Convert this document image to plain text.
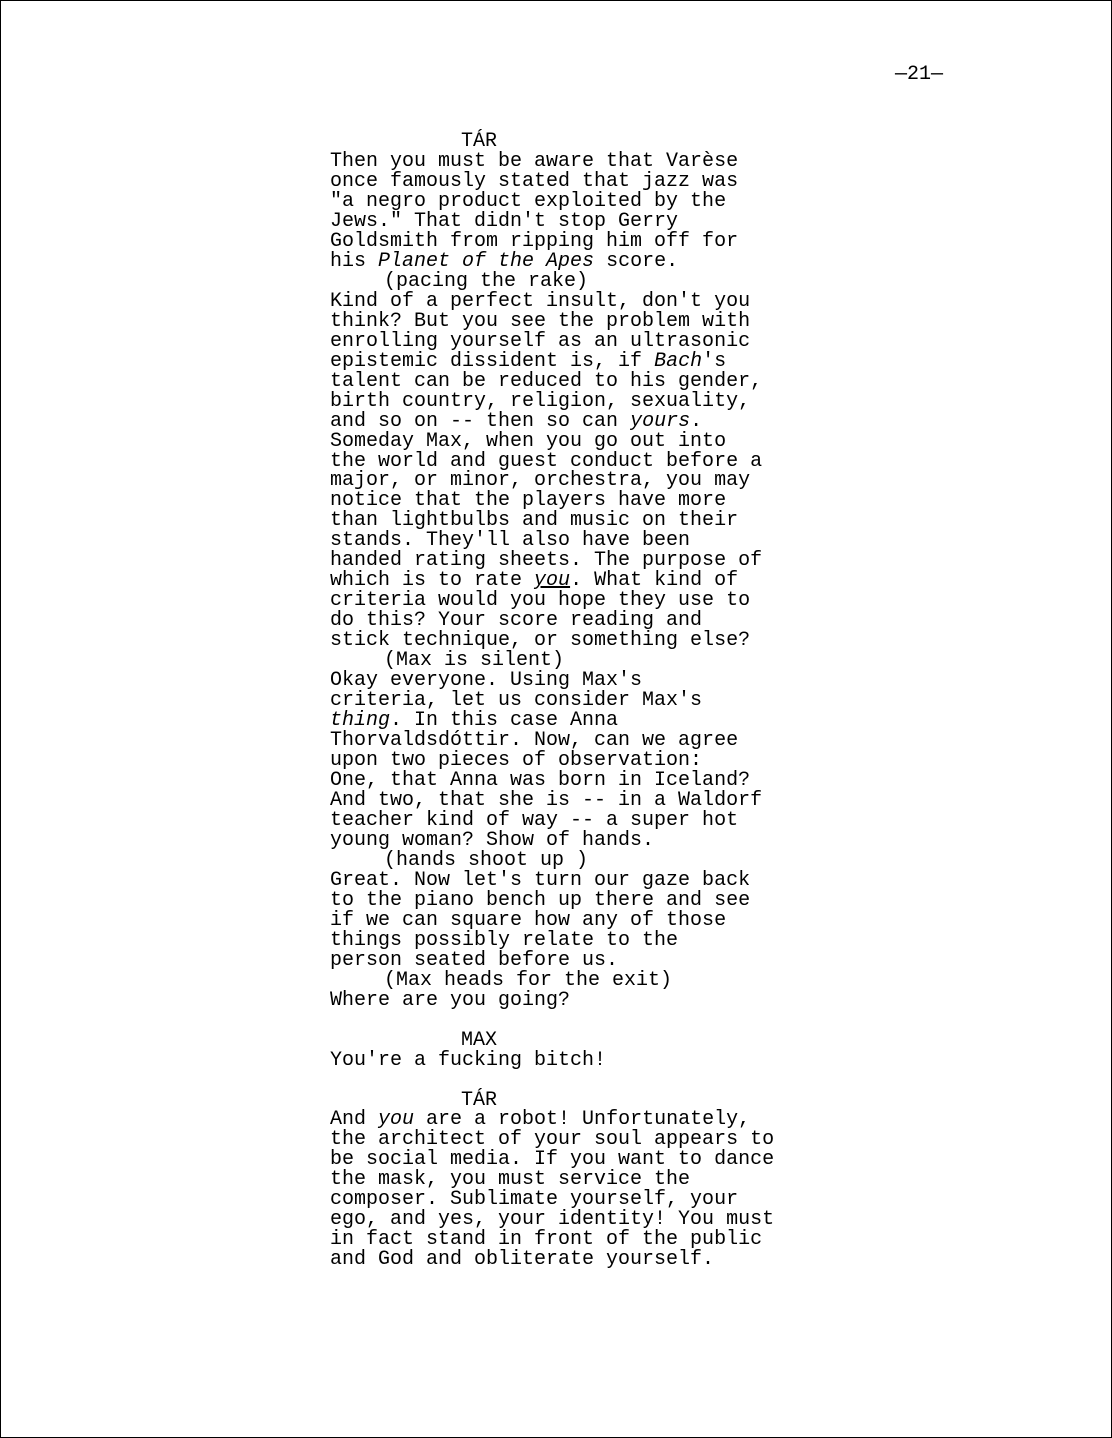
—21—
TÁR
Then you must be aware that Varèse
once famously stated that jazz was
"a negro product exploited by the
Jews." That didn't stop Gerry
Goldsmith from ripping him off for
his Planet of the Apes score.
(pacing the rake)
Kind of a perfect insult, don't you
think? But you see the problem with
enrolling yourself as an ultrasonic
epistemic dissident is, if Bach's
talent can be reduced to his gender,
birth country, religion, sexuality,
and so on -- then so can yours.
Someday Max, when you go out into
the world and guest conduct before a
major, or minor, orchestra, you may
notice that the players have more
than lightbulbs and music on their
stands. They'll also have been
handed rating sheets. The purpose of
which is to rate you. What kind of
criteria would you hope they use to
do this? Your score reading and
stick technique, or something else?
(Max is silent)
Okay everyone. Using Max's
criteria, let us consider Max's
thing. In this case Anna
Thorvaldsdóttir. Now, can we agree
upon two pieces of observation:
One, that Anna was born in Iceland?
And two, that she is -- in a Waldorf
teacher kind of way -- a super hot
young woman? Show of hands.
(hands shoot up )
Great. Now let's turn our gaze back
to the piano bench up there and see
if we can square how any of those
things possibly relate to the
person seated before us.
(Max heads for the exit)
Where are you going?
MAX
You're a fucking bitch!
TÁR
And you are a robot! Unfortunately,
the architect of your soul appears to
be social media. If you want to dance
the mask, you must service the
composer. Sublimate yourself, your
ego, and yes, your identity! You must
in fact stand in front of the public
and God and obliterate yourself.
